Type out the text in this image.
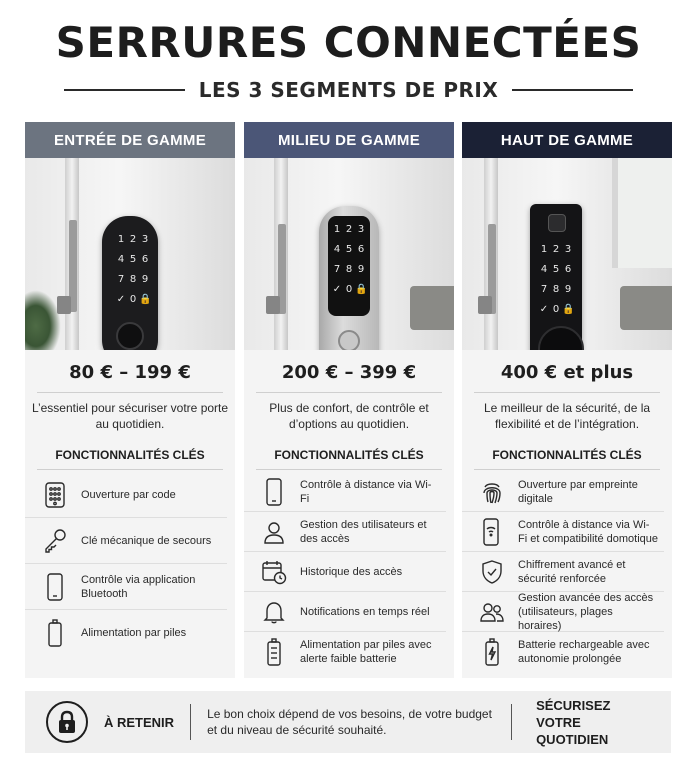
SERRURES CONNECTÉES
LES 3 SEGMENTS DE PRIX
ENTRÉE DE GAMME
1 2 3
4 5 6
7 8 9
✓ 0 🔒
80 € – 199 €
L’essentiel pour sécuriser votre porte au quotidien.
FONCTIONNALITÉS CLÉS
Ouverture par code
Clé mécanique de secours
Contrôle via application Bluetooth
Alimentation par piles
MILIEU DE GAMME
1 2 3
4 5 6
7 8 9
✓ 0 🔒
200 € – 399 €
Plus de confort, de contrôle et d’options au quotidien.
FONCTIONNALITÉS CLÉS
Contrôle à distance via Wi-Fi
Gestion des utilisateurs et des accès
Historique des accès
Notifications en temps réel
Alimentation par piles avec alerte faible batterie
HAUT DE GAMME
1 2 3
4 5 6
7 8 9
✓ 0 🔒
400 € et plus
Le meilleur de la sécurité, de la flexibilité et de l’intégration.
FONCTIONNALITÉS CLÉS
Ouverture par empreinte digitale
Contrôle à distance via Wi-Fi et compatibilité domotique
Chiffrement avancé et sécurité renforcée
Gestion avancée des accès (utilisateurs, plages horaires)
Batterie rechargeable avec autonomie prolongée
À RETENIR
Le bon choix dépend de vos besoins, de votre budget et du niveau de sécurité souhaité.
SÉCURISEZ VOTRE QUOTIDIEN
